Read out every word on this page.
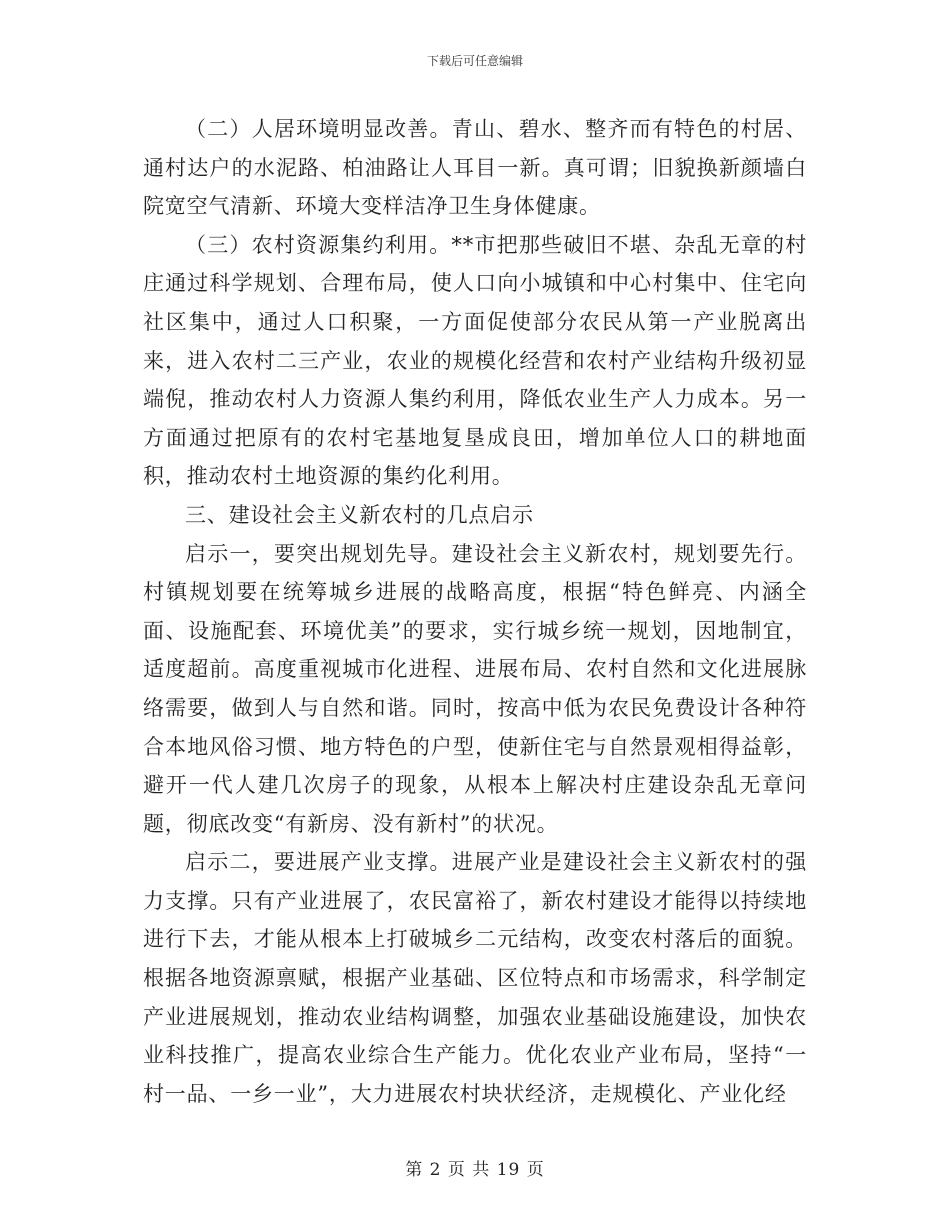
下载后可任意编辑

（二）人居环境明显改善。青山、碧水、整齐而有特色的村居、通村达户的水泥路、柏油路让人耳目一新。真可谓；旧貌换新颜墙白院宽空气清新、环境大变样洁净卫生身体健康。

（三）农村资源集约利用。**市把那些破旧不堪、杂乱无章的村庄通过科学规划、合理布局，使人口向小城镇和中心村集中、住宅向社区集中，通过人口积聚，一方面促使部分农民从第一产业脱离出来，进入农村二三产业，农业的规模化经营和农村产业结构升级初显端倪，推动农村人力资源人集约利用，降低农业生产人力成本。另一方面通过把原有的农村宅基地复垦成良田，增加单位人口的耕地面积，推动农村土地资源的集约化利用。

三、建设社会主义新农村的几点启示

启示一，要突出规划先导。建设社会主义新农村，规划要先行。村镇规划要在统筹城乡进展的战略高度，根据“特色鲜亮、内涵全面、设施配套、环境优美”的要求，实行城乡统一规划，因地制宜，适度超前。高度重视城市化进程、进展布局、农村自然和文化进展脉络需要，做到人与自然和谐。同时，按高中低为农民免费设计各种符合本地风俗习惯、地方特色的户型，使新住宅与自然景观相得益彰，避开一代人建几次房子的现象，从根本上解决村庄建设杂乱无章问题，彻底改变“有新房、没有新村”的状况。

启示二，要进展产业支撑。进展产业是建设社会主义新农村的强力支撑。只有产业进展了，农民富裕了，新农村建设才能得以持续地进行下去，才能从根本上打破城乡二元结构，改变农村落后的面貌。根据各地资源禀赋，根据产业基础、区位特点和市场需求，科学制定产业进展规划，推动农业结构调整，加强农业基础设施建设，加快农业科技推广，提高农业综合生产能力。优化农业产业布局，坚持“一村一品、一乡一业”，大力进展农村块状经济，走规模化、产业化经

第 2 页 共 19 页
